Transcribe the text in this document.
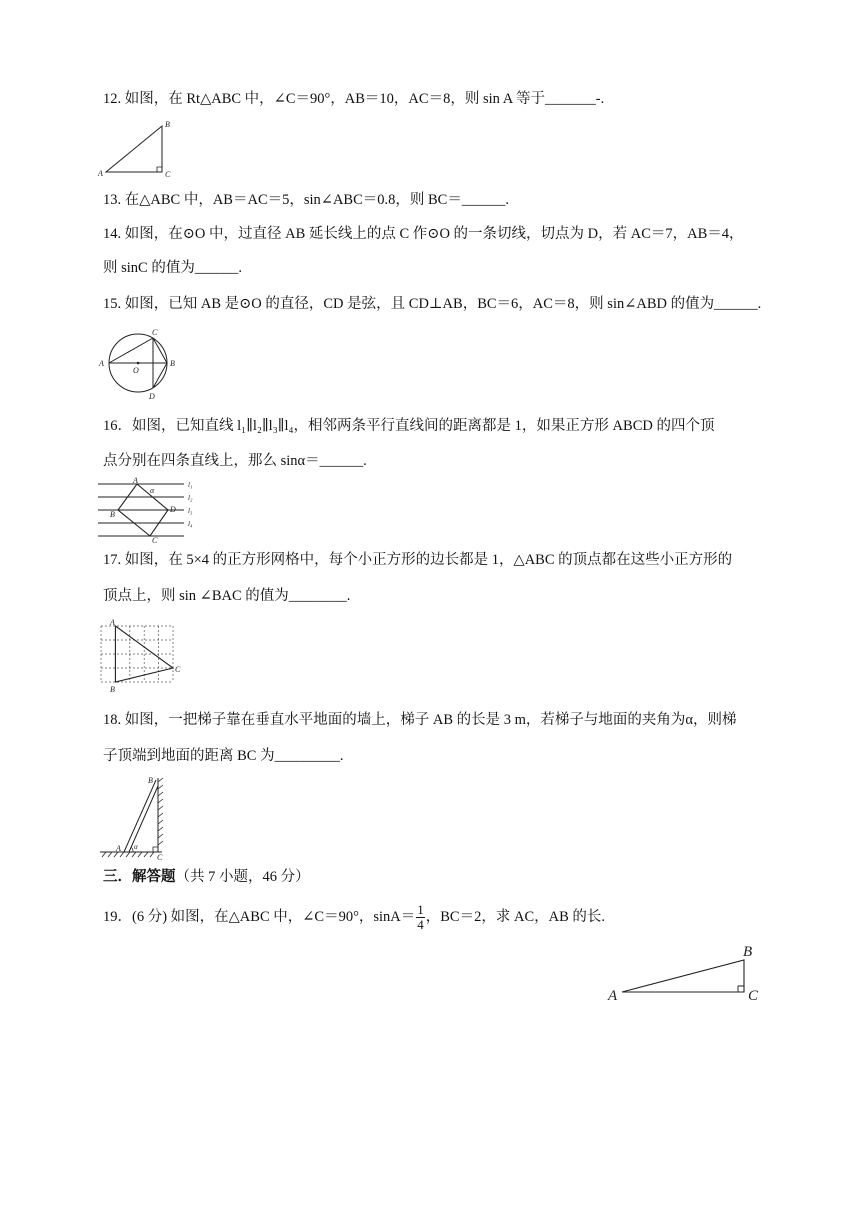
12. 如图，在 Rt△ABC 中，∠C＝90°，AB＝10，AC＝8，则 sin A 等于_______-.
A
B
C
13. 在△ABC 中，AB＝AC＝5，sin∠ABC＝0.8，则 BC＝______.
14. 如图，在⊙O 中，过直径 AB 延长线上的点 C 作⊙O 的一条切线，切点为 D，若 AC＝7，AB＝4，
则 sinC 的值为______.
15. 如图，已知 AB 是⊙O 的直径，CD 是弦，且 CD⊥AB，BC＝6，AC＝8，则 sin∠ABD 的值为______.
A	B
C
D
O
16．如图，已知直线 l₁∥l₂∥l₃∥l₄，相邻两条平行直线间的距离都是 1，如果正方形 ABCD 的四个顶
点分别在四条直线上，那么 sinα＝______.
A
B
C
D
α
l₁
l₂
l₃
l₄
17. 如图，在 5×4 的正方形网格中，每个小正方形的边长都是 1，△ABC 的顶点都在这些小正方形的
顶点上，则 sin ∠BAC 的值为________.
A
B
C
18. 如图，一把梯子靠在垂直水平地面的墙上，梯子 AB 的长是 3 m，若梯子与地面的夹角为α，则梯
子顶端到地面的距离 BC 为_________.
B
A α
C
三．解答题（共 7 小题，46 分）
19．(6 分) 如图，在△ABC 中，∠C＝90°，$\sin A= \frac{1}{4}$ ，BC＝2，求 AC，AB 的长.
A
B
C
